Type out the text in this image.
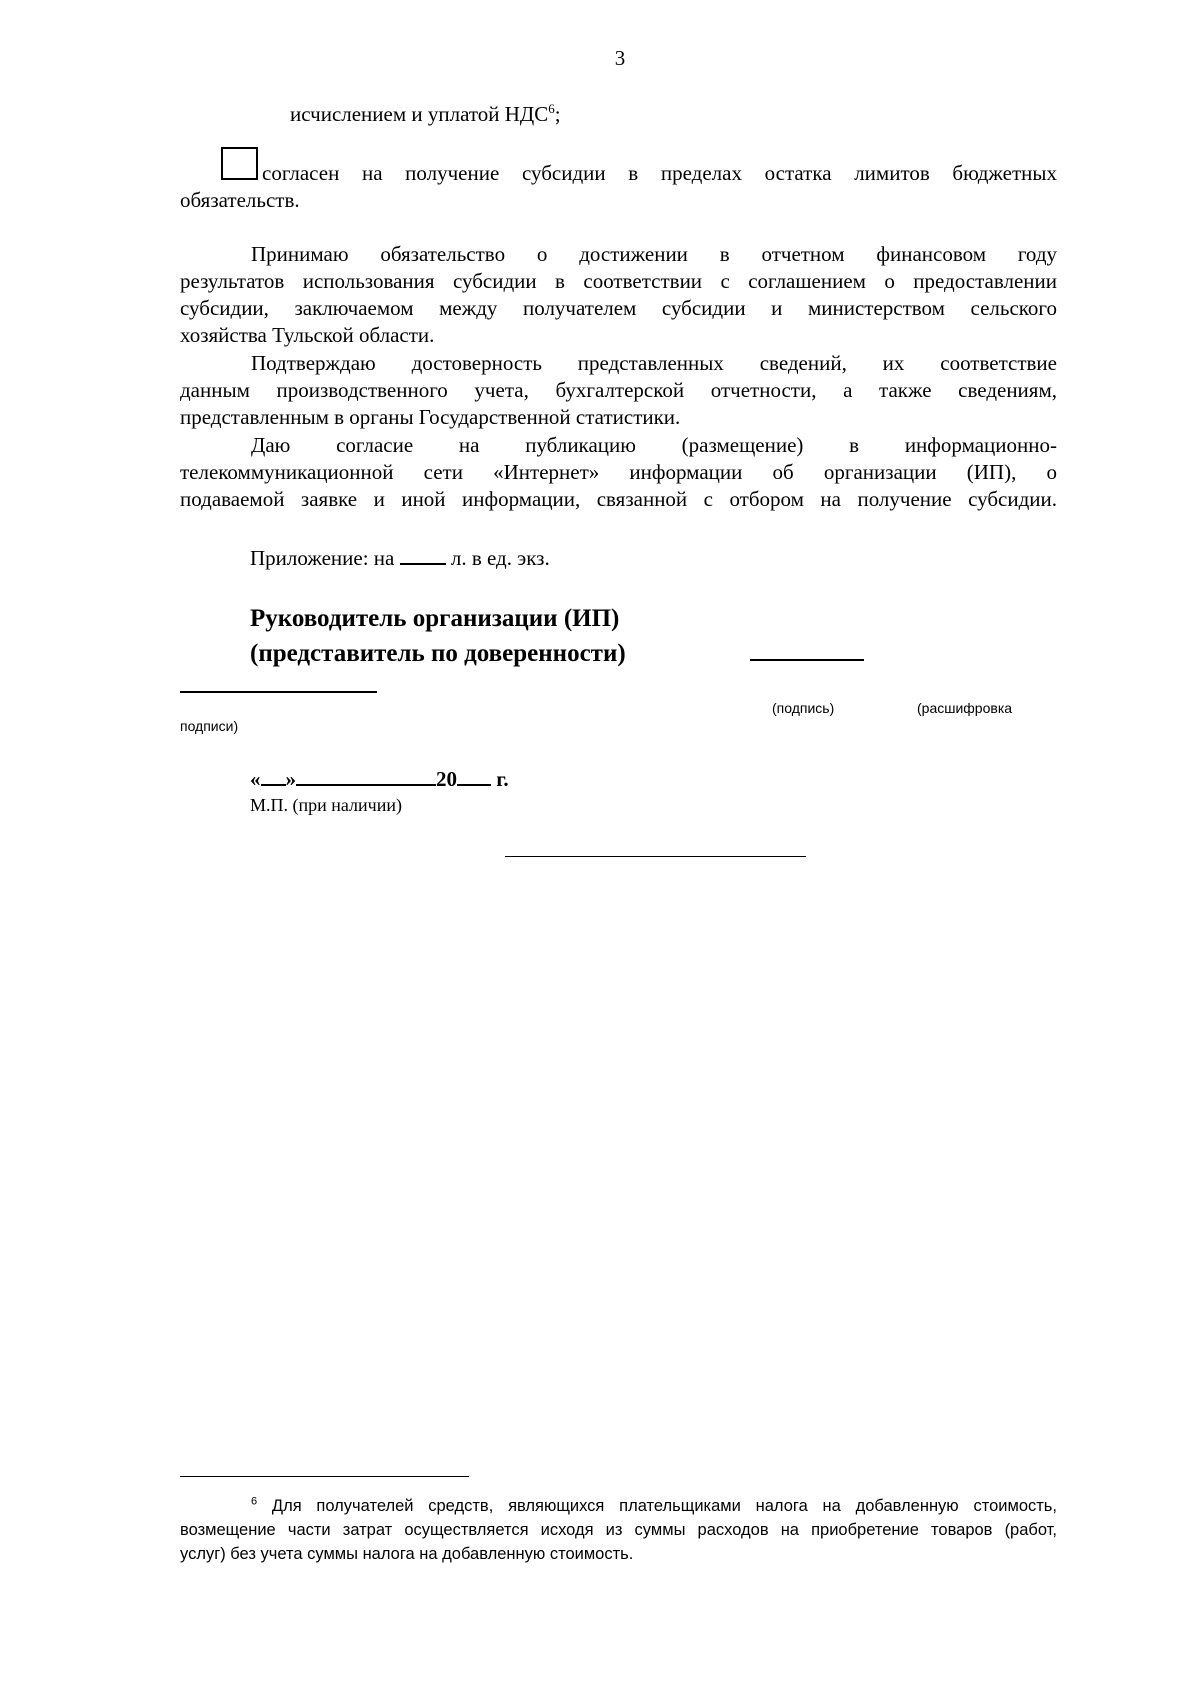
3
исчислением и уплатой НДС$^6$;
согласен на получение субсидии в пределах остатка лимитов бюджетных
обязательств.
Принимаю обязательство о достижении в отчетном финансовом году
результатов использования субсидии в соответствии с соглашением о предоставлении
субсидии, заключаемом между получателем субсидии и министерством сельского
хозяйства Тульской области.
Подтверждаю достоверность представленных сведений, их соответствие
данным производственного учета, бухгалтерской отчетности, а также сведениям,
представленным в органы Государственной статистики.
Даю согласие на публикацию (размещение) в информационно-
телекоммуникационной сети «Интернет» информации об организации (ИП), о
подаваемой заявке и иной информации, связанной с отбором на получение субсидии.
Приложение: на	л. в ед. экз.
Руководитель организации (ИП)
(представитель по доверенности)
(подпись)	(расшифровка
подписи)
« »	20 г.
М.П. (при наличии)
$^6$ Для получателей средств, являющихся плательщиками налога на добавленную стоимость,
возмещение части затрат осуществляется исходя из суммы расходов на приобретение товаров (работ,
услуг) без учета суммы налога на добавленную стоимость.
